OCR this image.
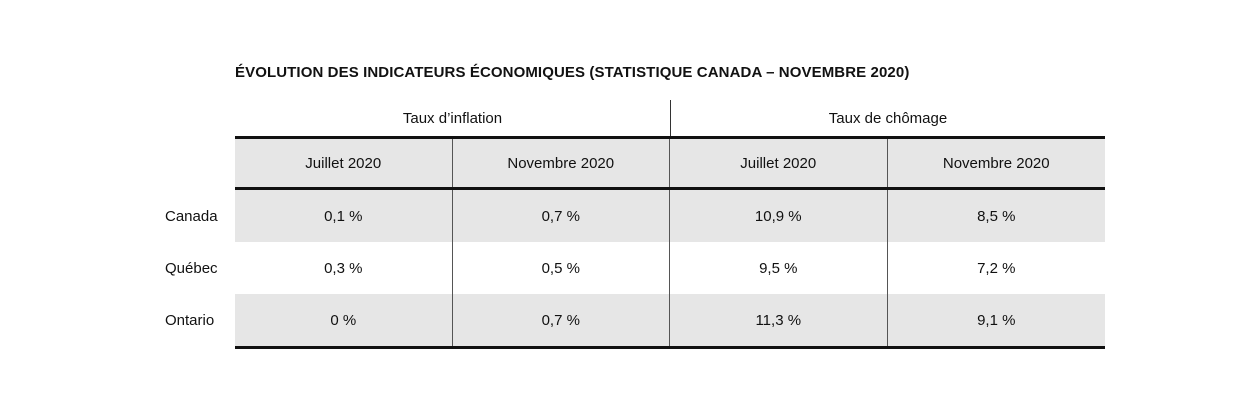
ÉVOLUTION DES INDICATEURS ÉCONOMIQUES (STATISTIQUE CANADA – NOVEMBRE 2020)
Taux d’inflation	Taux de chômage
Juillet 2020	Novembre 2020	Juillet 2020	Novembre 2020
Canada	0,1 %	0,7 %	10,9 %	8,5 %
Québec	0,3 %	0,5 %	9,5 %	7,2 %
Ontario	0 %	0,7 %	11,3 %	9,1 %
